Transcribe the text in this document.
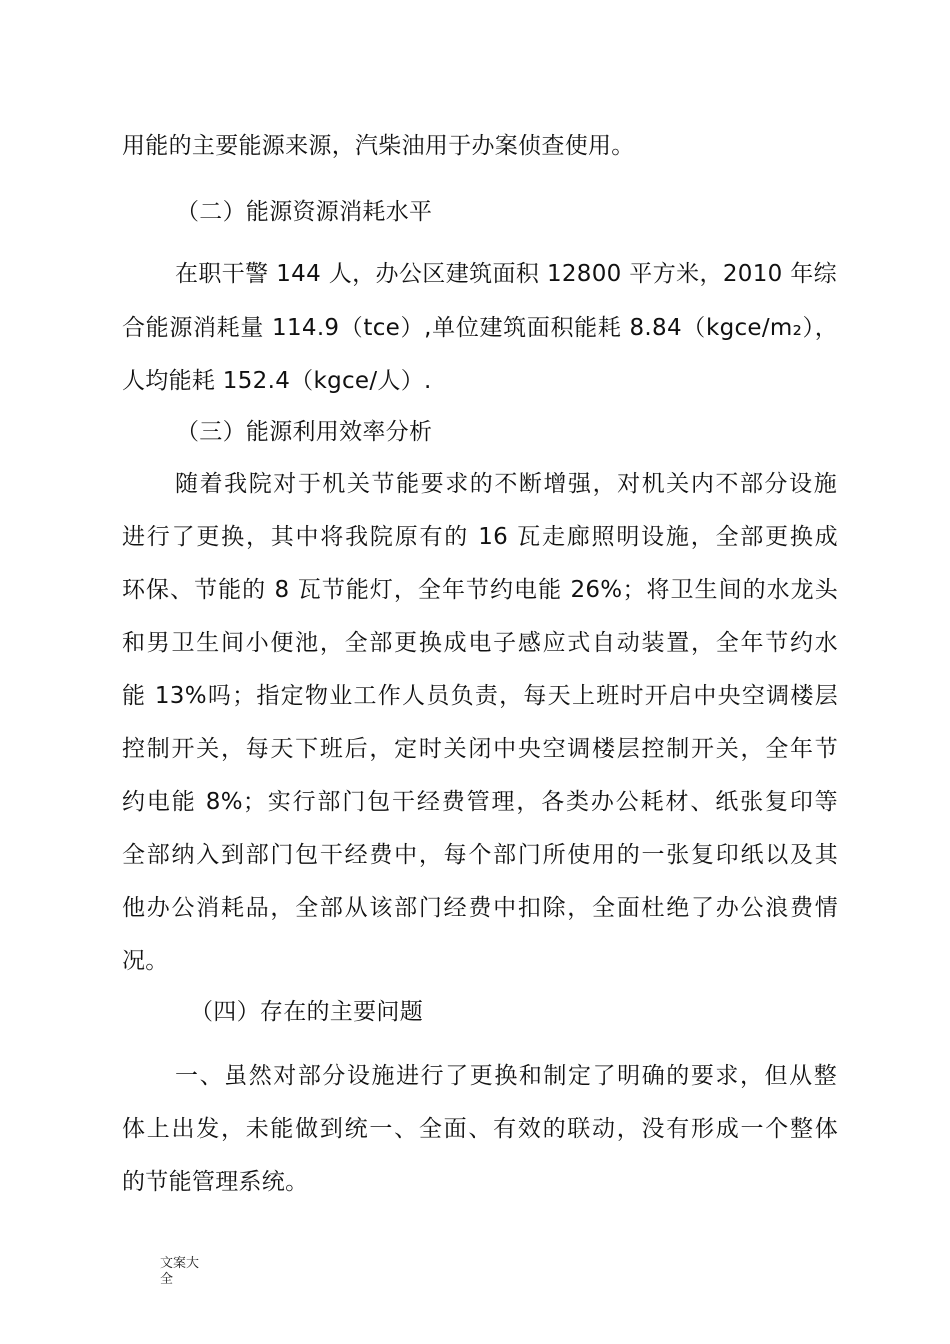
用能的主要能源来源，汽柴油用于办案侦查使用。
（二）能源资源消耗水平
在职干警 144 人，办公区建筑面积 12800 平方米，2010 年综
合能源消耗量 114.9（tce）,单位建筑面积能耗 8.84（kgce/m₂），
人均能耗 152.4（kgce/人）.
（三）能源利用效率分析
随着我院对于机关节能要求的不断增强，对机关内不部分设施
进行了更换，其中将我院原有的 16 瓦走廊照明设施，全部更换成
环保、节能的 8 瓦节能灯，全年节约电能 26%；将卫生间的水龙头
和男卫生间小便池，全部更换成电子感应式自动装置，全年节约水
能 13%吗；指定物业工作人员负责，每天上班时开启中央空调楼层
控制开关，每天下班后，定时关闭中央空调楼层控制开关，全年节
约电能 8%；实行部门包干经费管理，各类办公耗材、纸张复印等
全部纳入到部门包干经费中，每个部门所使用的一张复印纸以及其
他办公消耗品，全部从该部门经费中扣除，全面杜绝了办公浪费情
况。
（四）存在的主要问题
一、虽然对部分设施进行了更换和制定了明确的要求，但从整
体上出发，未能做到统一、全面、有效的联动，没有形成一个整体
的节能管理系统。
文案大全
